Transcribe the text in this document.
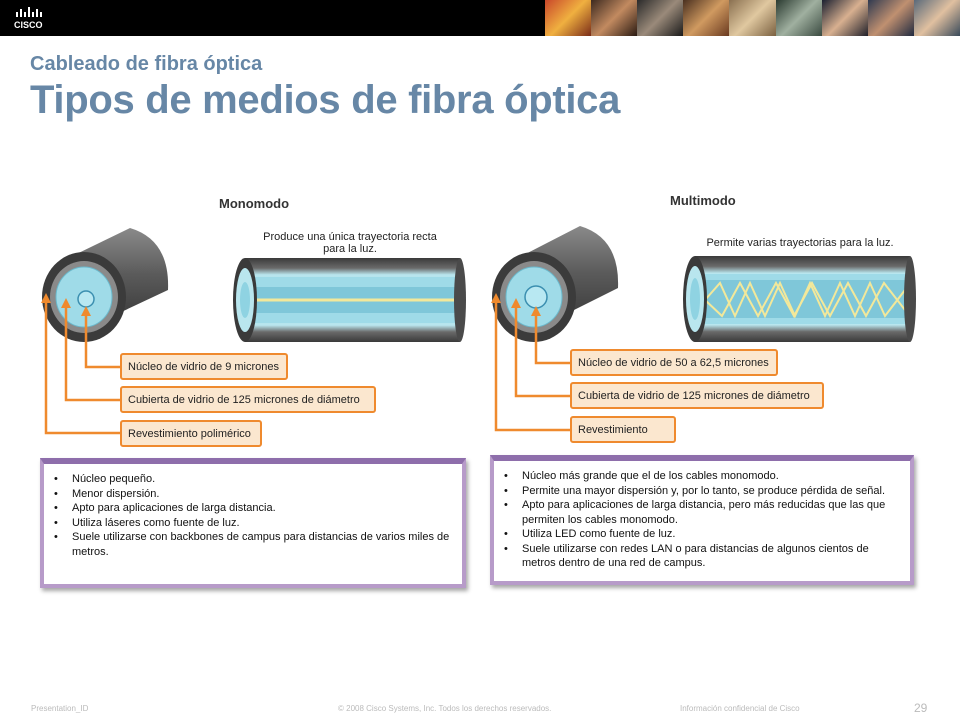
CISCO
Cableado de fibra óptica
Tipos de medios de fibra óptica
Monomodo
Produce una única trayectoria recta
para la luz.
Núcleo de vidrio de 9 micrones
Cubierta de vidrio de 125 micrones de diámetro
Revestimiento polimérico
Multimodo
Permite varias trayectorias para la luz.
Núcleo de vidrio de 50 a 62,5 micrones
Cubierta de vidrio de 125 micrones de diámetro
Revestimiento
• Núcleo pequeño.
• Menor dispersión.
• Apto para aplicaciones de larga distancia.
• Utiliza láseres como fuente de luz.
• Suele utilizarse con backbones de campus para distancias de varios miles de metros.
• Núcleo más grande que el de los cables monomodo.
• Permite una mayor dispersión y, por lo tanto, se produce pérdida de señal.
• Apto para aplicaciones de larga distancia, pero más reducidas que las que permiten los cables monomodo.
• Utiliza LED como fuente de luz.
• Suele utilizarse con redes LAN o para distancias de algunos cientos de metros dentro de una red de campus.
Presentation_ID	© 2008 Cisco Systems, Inc. Todos los derechos reservados.	Información confidencial de Cisco	29
